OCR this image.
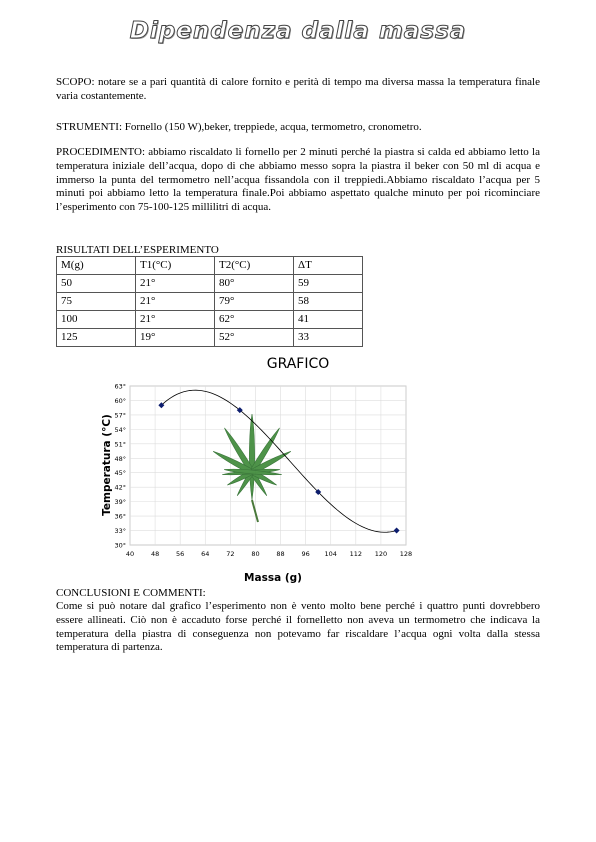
Dipendenza dalla massa

SCOPO: notare se a pari quantità di calore fornito e perità di tempo ma diversa massa la temperatura finale varia costantemente.

STRUMENTI: Fornello (150 W),beker, treppiede, acqua, termometro, cronometro.

PROCEDIMENTO: abbiamo riscaldato li fornello per 2 minuti perché la piastra si calda ed abbiamo letto la temperatura iniziale dell’acqua, dopo di che abbiamo messo sopra la piastra il beker con 50 ml di acqua e immerso la punta del termometro nell’acqua fissandola con il treppiedi.Abbiamo riscaldato l’acqua per 5 minuti poi abbiamo letto la temperatura finale.Poi abbiamo aspettato qualche minuto per poi ricominciare l’esperimento con 75-100-125 millilitri di acqua.

RISULTATI DELL’ESPERIMENTO
M(g)	T1(°C)	T2(°C)	ΔT
50	21°	80°	59
75	21°	79°	58
100	21°	62°	41
125	19°	52°	33
GRAFICO
40	48	56	64	72	80	88	96 104 112 120 128
30°
33°
36°
39°
42°
45°
48°
51°
54°
57°
60°
63°
Temperatura (°C)
Massa (g)
CONCLUSIONI E COMMENTI:

Come si può notare dal grafico l’esperimento non è vento molto bene perché i quattro punti dovrebbero essere allineati. Ciò non è accaduto forse perché il fornelletto non aveva un termometro che indicava la temperatura della piastra di conseguenza non potevamo far riscaldare l’acqua ogni volta dalla stessa temperatura di partenza.
